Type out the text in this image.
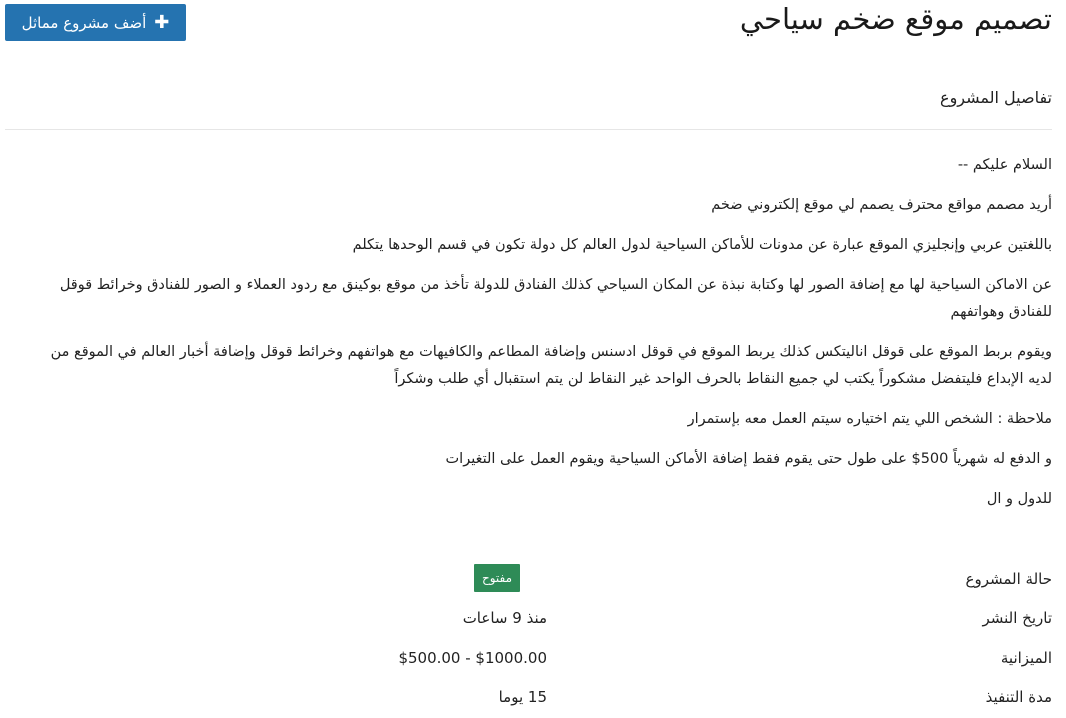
تصميم موقع ضخم سياحي
✚
أضف مشروع مماثل
تفاصيل المشروع

السلام عليكم --

أريد مصمم مواقع محترف يصمم لي موقع إلكتروني ضخم

باللغتين عربي وإنجليزي الموقع عبارة عن مدونات للأماكن السياحية لدول العالم كل دولة تكون في قسم الوحدها يتكلم

عن الاماكن السياحية لها مع إضافة الصور لها وكتابة نبذة عن المكان السياحي كذلك الفنادق للدولة تأخذ من موقع بوكينق مع ردود العملاء و الصور للفنادق وخرائط قوقل للفنادق وهواتفهم

ويقوم بربط الموقع على قوقل اناليتكس كذلك يربط الموقع في قوقل ادسنس وإضافة المطاعم والكافيهات مع هواتفهم وخرائط قوقل وإضافة أخبار العالم في الموقع من لديه الإبداع فليتفضل مشكوراً يكتب لي جميع النقاط بالحرف الواحد غير النقاط لن يتم استقبال أي طلب وشكراً

ملاحظة : الشخص اللي يتم اختياره سيتم العمل معه بإستمرار

و الدفع له شهرياً 500$ على طول حتى يقوم فقط إضافة الأماكن السياحية ويقوم العمل على التغيرات

للدول و ال

حالة المشروع
مفتوح
تاريخ النشر
منذ 9 ساعات
الميزانية
$500.00 - $1000.00
مدة التنفيذ
15 يوما
